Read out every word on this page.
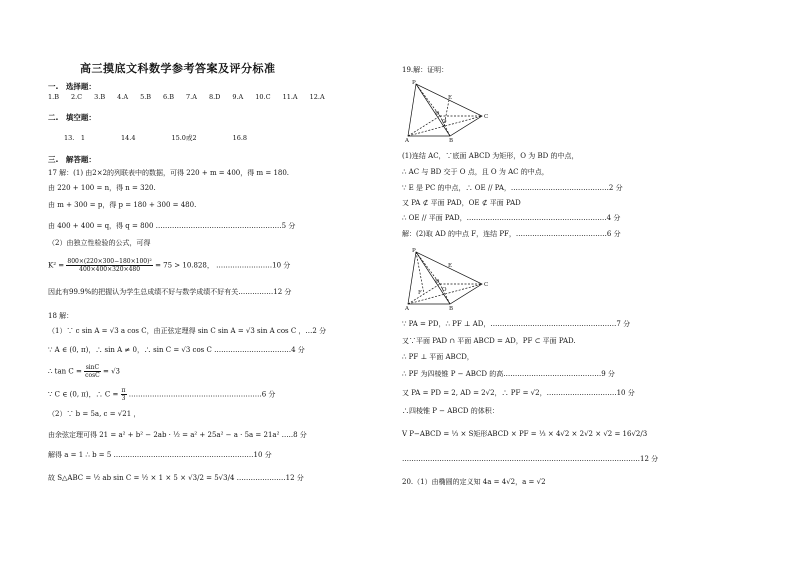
高三摸底文科数学参考答案及评分标准
一.　选择题：
1.B 2.C 3.B 4.A 5.B 6.B 7.A 8.D 9.A 10.C 11.A 12.A
二.　填空题：
13.　1	14.4	15.0或2	16.8
三.　解答题：
17 解：(1) 由2×2的列联表中的数据，可得 220 + m = 400，得 m = 180.
由 220 + 100 = n，得 n = 320.
由 m + 300 = p，得 p = 180 + 300 = 480.
由 400 + 400 = q，得 q = 800 ………………………………………………5 分
（2）由独立性检验的公式，可得
$K^2 = \frac{\text{800×(220×300−180×100)²}}{400\times 400\times 320\times 480} = 75 > 10.828$， ……………………10 分
因此有99.9%的把握认为学生总成绩不好与数学成绩不好有关……………12 分
18 解：
（1）∵ c sin A = √3 a cos C，由正弦定理得 sin C sin A = √3 sin A cos C ，…2 分
∵ A ∈ (0, π)，∴ sin A ≠ 0，∴ sin C = √3 cos C ……………………………4 分
∴ $\tan C = \frac{\sin C}{\cos C} = √3$
∵ C ∈ (0, π)，∴ $C = \frac{\pi}{3}$ …………………………………………………6 分
（2）∵ b = 5a, c = √21 ，
由余弦定理可得 21 = a² + b² − 2ab · ½ = a² + 25a² − a · 5a = 21a² …..8 分
解得 a = 1 ∴ b = 5 ……………………………………………………10 分
故 S△ABC = ½ ab sin C = ½ × 1 × 5 × √3/2 = 5√3/4 …………………12 分
19.解：证明：
P
E
D
O
A	B
C
(1)连结 AC，∵底面 ABCD 为矩形，O 为 BD 的中点，
∴ AC 与 BD 交于 O 点，且 O 为 AC 的中点，
∵ E 是 PC 的中点，∴ OE // PA，……………………………………2 分
又 PA ⊄ 平面 PAD，OE ⊄ 平面 PAD
∴ OE // 平面 PAD，……………………………………………………4 分
解：(2)取 AD 的中点 F，连结 PF，…………………………………6 分
P
E
D
F	O
A	B
C
∵ PA = PD，∴ PF ⊥ AD，………………………………………………7 分
又∵平面 PAD ∩ 平面 ABCD = AD，PF ⊂ 平面 PAD.
∴ PF ⊥ 平面 ABCD，
∴ PF 为四棱锥 P − ABCD 的高……………………………………9 分
又 PA = PD = 2, AD = 2√2，∴ PF = √2，…………………………10 分
∴四棱锥 P − ABCD 的体积：
V P−ABCD = ⅓ × S矩形ABCD × PF = ⅓ × 4√2 × 2√2 × √2 = 16√2/3
…………………………………………………………………………………………12 分
20.（1）由椭圆的定义知 4a = 4√2，a = √2
